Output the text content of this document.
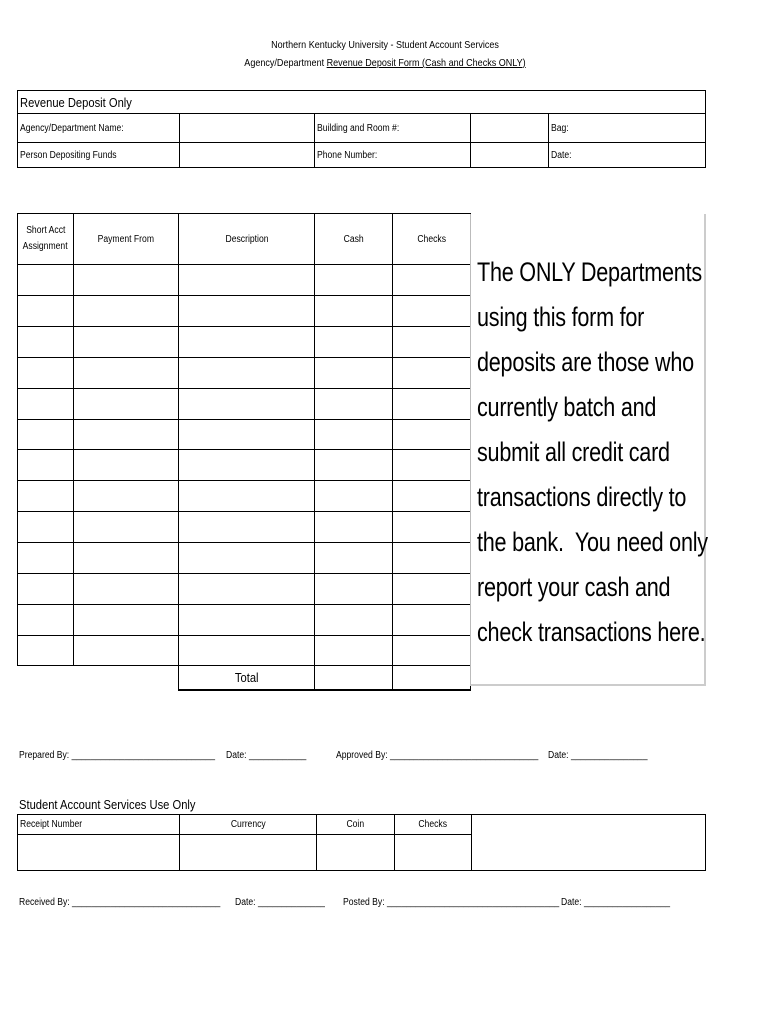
Northern Kentucky University - Student Account Services
Agency/Department Revenue Deposit Form (Cash and Checks ONLY)
Revenue Deposit Only				
Agency/Department Name:		Building and Room #:		Bag:
Person Depositing Funds		Phone Number:		Date:
Short Acct
Assignment	Payment From	Description	Cash	Checks

		Total		
The ONLY Departments
using this form for
deposits are those who
currently batch and
submit all credit card
transactions directly to
the bank.  You need only
report your cash and
check transactions here.
Prepared By: ______________________________ Date: ____________	Approved By: _______________________________ Date: ________________
Student Account Services Use Only
Receipt Number	Currency	Coin	Checks	

Received By: _______________________________ Date: ______________ Posted By: ____________________________________ Date: __________________
